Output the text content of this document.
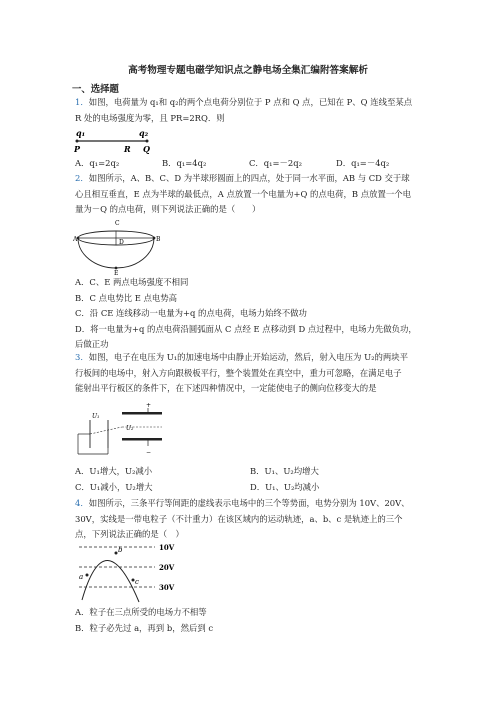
高考物理专题电磁学知识点之静电场全集汇编附答案解析
一、选择题
1．如图，电荷量为 q₁和 q₂的两个点电荷分别位于 P 点和 Q 点，已知在 P、Q 连线至某点
R 处的电场强度为零，且 PR=2RQ．则
q₁	q₂
P	R Q
A．q₁=2q₂	B．q₁=4q₂	C．q₁=－2q₂	D．q₁=－4q₂
2．如图所示，A、B、C、D 为半球形圆面上的四点，处于同一水平面，AB 与 CD 交于球
心且相互垂直，E 点为半球的最低点，A 点放置一个电量为+Q 的点电荷，B 点放置一个电
量为－Q 的点电荷，则下列说法正确的是（　　）
A	B
C
D
E
A．C、E 两点电场强度不相同
B．C 点电势比 E 点电势高
C．沿 CE 连线移动一电量为+q 的点电荷，电场力始终不做功
D．将一电量为+q 的点电荷沿圆弧面从 C 点经 E 点移动到 D 点过程中，电场力先做负功，
后做正功
3．如图，电子在电压为 U₁的加速电场中由静止开始运动，然后，射入电压为 U₂的两块平
行板间的电场中，射入方向跟极板平行，整个装置处在真空中，重力可忽略，在满足电子
能射出平行板区的条件下，在下述四种情况中，一定能使电子的侧向位移变大的是
+
−
U₂
U₁
A．U₁增大，U₂减小	B．U₁、U₂均增大
C．U₁减小，U₂增大	D．U₁、U₂均减小
4．如图所示，三条平行等间距的虚线表示电场中的三个等势面，电势分别为 10V、20V、
30V，实线是一带电粒子（不计重力）在该区域内的运动轨迹，a、b、c 是轨迹上的三个
点，下列说法正确的是（　）
10V
20V
30V
a
b
c
A．粒子在三点所受的电场力不相等
B．粒子必先过 a，再到 b，然后到 c
